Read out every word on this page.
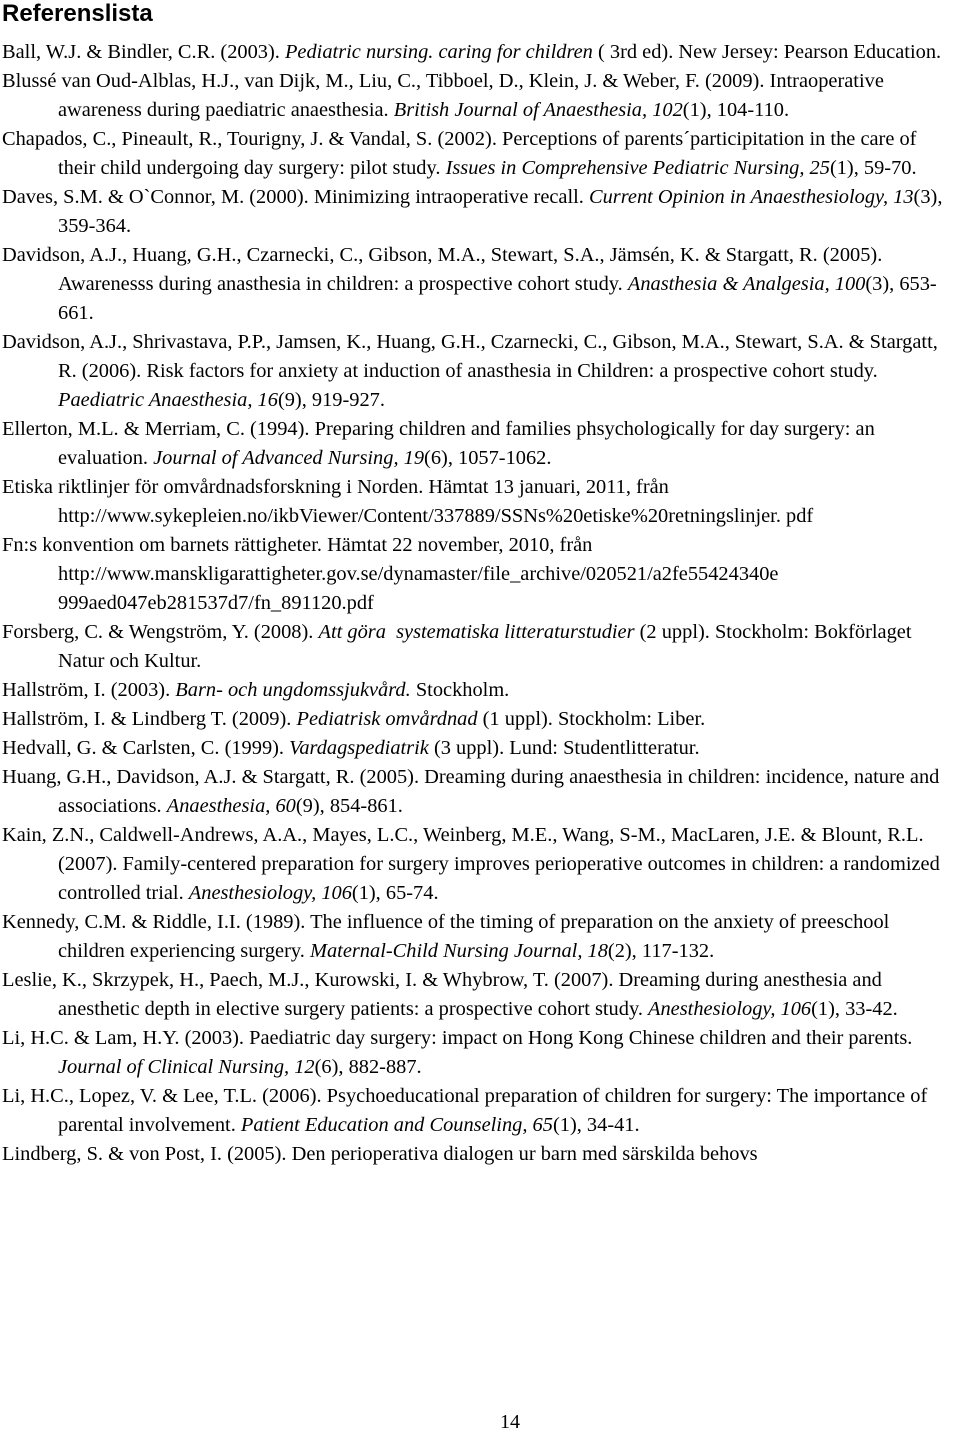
Referenslista
Ball, W.J. & Bindler, C.R. (2003). Pediatric nursing. caring for children ( 3rd ed). New Jersey: Pearson Education.
Blussé van Oud-Alblas, H.J., van Dijk, M., Liu, C., Tibboel, D., Klein, J. & Weber, F. (2009). Intraoperative awareness during paediatric anaesthesia. British Journal of Anaesthesia, 102(1), 104-110.
Chapados, C., Pineault, R., Tourigny, J. & Vandal, S. (2002). Perceptions of parents´participitation in the care of their child undergoing day surgery: pilot study. Issues in Comprehensive Pediatric Nursing, 25(1), 59-70.
Daves, S.M. & O`Connor, M. (2000). Minimizing intraoperative recall. Current Opinion in Anaesthesiology, 13(3), 359-364.
Davidson, A.J., Huang, G.H., Czarnecki, C., Gibson, M.A., Stewart, S.A., Jämsén, K. & Stargatt, R. (2005). Awarenesss during anasthesia in children: a prospective cohort study. Anasthesia & Analgesia, 100(3), 653-661.
Davidson, A.J., Shrivastava, P.P., Jamsen, K., Huang, G.H., Czarnecki, C., Gibson, M.A., Stewart, S.A. & Stargatt, R. (2006). Risk factors for anxiety at induction of anasthesia in Children: a prospective cohort study. Paediatric Anaesthesia, 16(9), 919-927.
Ellerton, M.L. & Merriam, C. (1994). Preparing children and families phsychologically for day surgery: an evaluation. Journal of Advanced Nursing, 19(6), 1057-1062.
Etiska riktlinjer för omvårdnadsforskning i Norden. Hämtat 13 januari, 2011, från http://www.sykepleien.no/ikbViewer/Content/337889/SSNs%20etiske%20retningslinjer. pdf
Fn:s konvention om barnets rättigheter. Hämtat 22 november, 2010, från http://www.manskligarattigheter.gov.se/dynamaster/file_archive/020521/a2fe55424340e 999aed047eb281537d7/fn_891120.pdf
Forsberg, C. & Wengström, Y. (2008). Att göra  systematiska litteraturstudier (2 uppl). Stockholm: Bokförlaget Natur och Kultur.
Hallström, I. (2003). Barn- och ungdomssjukvård. Stockholm.
Hallström, I. & Lindberg T. (2009). Pediatrisk omvårdnad (1 uppl). Stockholm: Liber.
Hedvall, G. & Carlsten, C. (1999). Vardagspediatrik (3 uppl). Lund: Studentlitteratur.
Huang, G.H., Davidson, A.J. & Stargatt, R. (2005). Dreaming during anaesthesia in children: incidence, nature and associations. Anaesthesia, 60(9), 854-861.
Kain, Z.N., Caldwell-Andrews, A.A., Mayes, L.C., Weinberg, M.E., Wang, S-M., MacLaren, J.E. & Blount, R.L. (2007). Family-centered preparation for surgery improves perioperative outcomes in children: a randomized controlled trial. Anesthesiology, 106(1), 65-74.
Kennedy, C.M. & Riddle, I.I. (1989). The influence of the timing of preparation on the anxiety of preeschool children experiencing surgery. Maternal-Child Nursing Journal, 18(2), 117-132.
Leslie, K., Skrzypek, H., Paech, M.J., Kurowski, I. & Whybrow, T. (2007). Dreaming during anesthesia and anesthetic depth in elective surgery patients: a prospective cohort study. Anesthesiology, 106(1), 33-42.
Li, H.C. & Lam, H.Y. (2003). Paediatric day surgery: impact on Hong Kong Chinese children and their parents. Journal of Clinical Nursing, 12(6), 882-887.
Li, H.C., Lopez, V. & Lee, T.L. (2006). Psychoeducational preparation of children for surgery: The importance of parental involvement. Patient Education and Counseling, 65(1), 34-41.
Lindberg, S. & von Post, I. (2005). Den perioperativa dialogen ur barn med särskilda behovs
14
